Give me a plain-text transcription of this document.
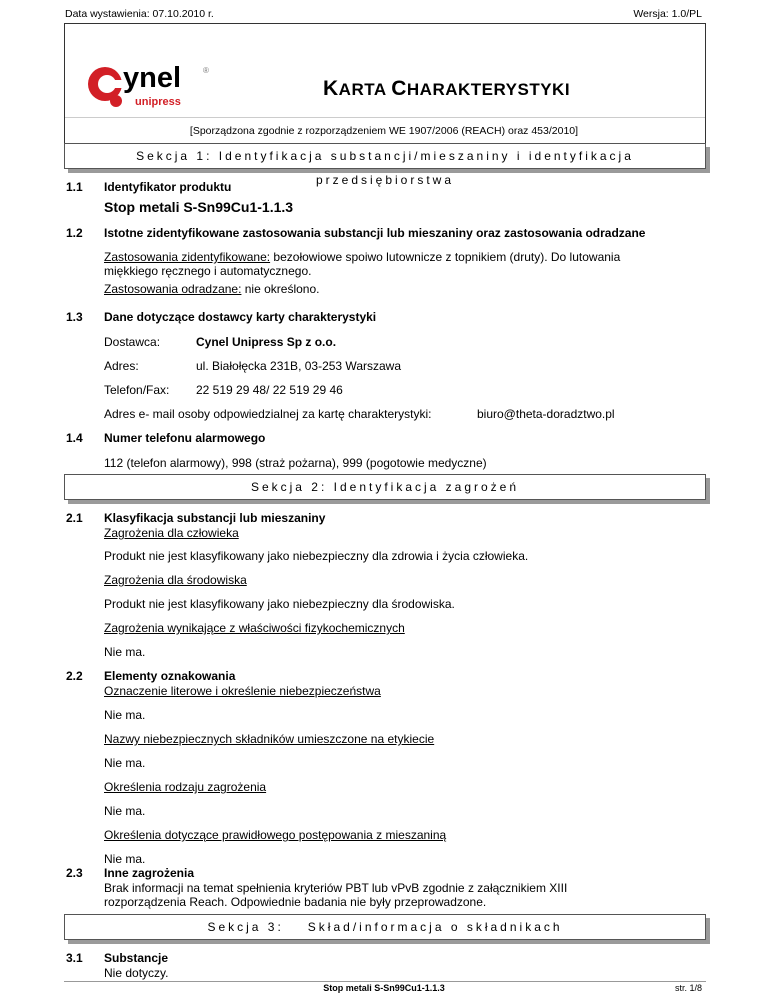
Data wystawienia: 07.10.2010 r.	Wersja: 1.0/PL
ynel
unipress
®
KARTA CHARAKTERYSTYKI
[Sporządzona zgodnie z rozporządzeniem WE 1907/2006 (REACH) oraz 453/2010]
Sekcja 1: Identyfikacja substancji/mieszaniny i identyfikacja przedsiębiorstwa
1.1 Identyfikator produktu
Stop metali S-Sn99Cu1-1.1.3
1.2 Istotne zidentyfikowane zastosowania substancji lub mieszaniny oraz zastosowania odradzane
Zastosowania zidentyfikowane: bezołowiowe spoiwo lutownicze z topnikiem (druty). Do lutowania
miękkiego ręcznego i automatycznego.
Zastosowania odradzane: nie określono.
1.3 Dane dotyczące dostawcy karty charakterystyki
Dostawca:	Cynel Unipress Sp z o.o.
Adres:	ul. Białołęcka 231B, 03-253 Warszawa
Telefon/Fax: 22 519 29 48/ 22 519 29 46
Adres e- mail osoby odpowiedzialnej za kartę charakterystyki:	biuro@theta-doradztwo.pl
1.4 Numer telefonu alarmowego
112 (telefon alarmowy), 998 (straż pożarna), 999 (pogotowie medyczne)
Sekcja 2: Identyfikacja zagrożeń
2.1 Klasyfikacja substancji lub mieszaniny
Zagrożenia dla człowieka
Produkt nie jest klasyfikowany jako niebezpieczny dla zdrowia i życia człowieka.
Zagrożenia dla środowiska
Produkt nie jest klasyfikowany jako niebezpieczny dla środowiska.
Zagrożenia wynikające z właściwości fizykochemicznych
Nie ma.
2.2 Elementy oznakowania
Oznaczenie literowe i określenie niebezpieczeństwa
Nie ma.
Nazwy niebezpiecznych składników umieszczone na etykiecie
Nie ma.
Określenia rodzaju zagrożenia
Nie ma.
Określenia dotyczące prawidłowego postępowania z mieszaniną
Nie ma.
2.3 Inne zagrożenia
Brak informacji na temat spełnienia kryteriów PBT lub vPvB zgodnie z załącznikiem XIII
rozporządzenia Reach. Odpowiednie badania nie były przeprowadzone.
Sekcja 3: Skład/informacja o składnikach
3.1 Substancje
Nie dotyczy.
Stop metali S-Sn99Cu1-1.1.3	str. 1/8
